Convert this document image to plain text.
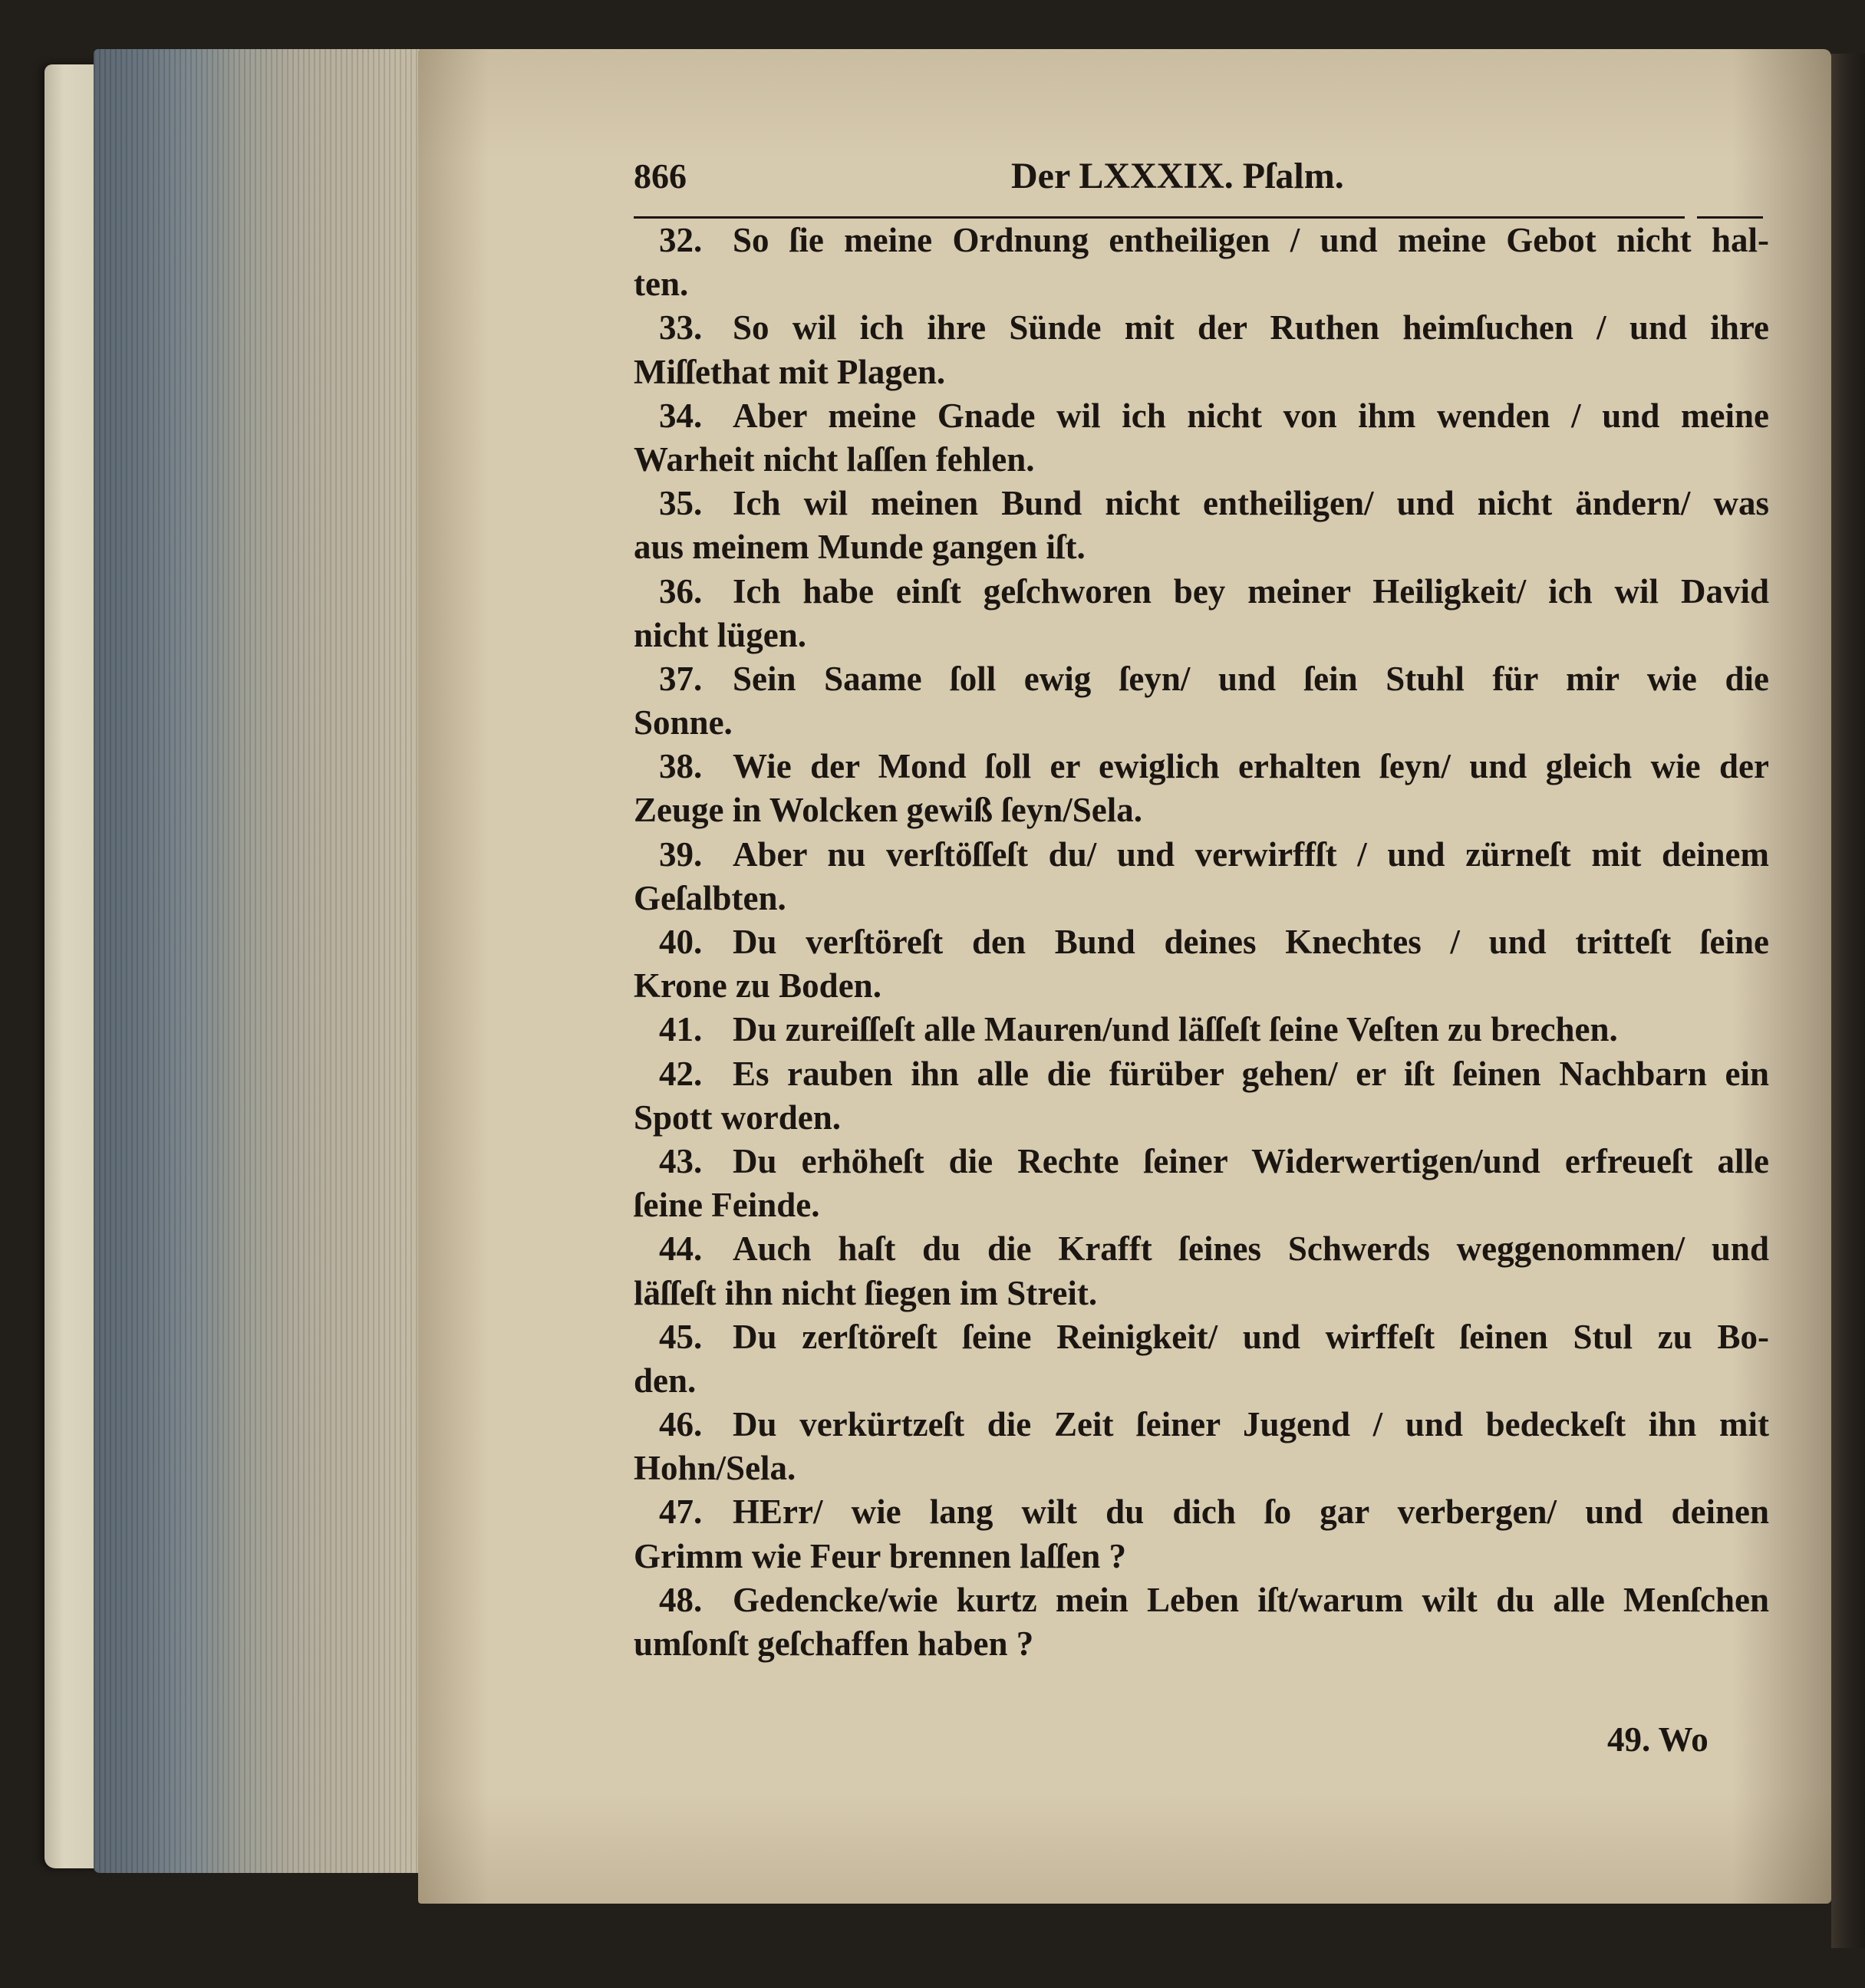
866	Der LXXXIX. Pſalm.
32. So ſie meine Ordnung entheiligen / und meine Gebot nicht hal-
ten.
33. So wil ich ihre Sünde mit der Ruthen heimſuchen / und ihre
Miſſethat mit Plagen.
34. Aber meine Gnade wil ich nicht von ihm wenden / und meine
Warheit nicht laſſen fehlen.
35. Ich wil meinen Bund nicht entheiligen/ und nicht ändern/ was
aus meinem Munde gangen iſt.
36. Ich habe einſt geſchworen bey meiner Heiligkeit/ ich wil David
nicht lügen.
37. Sein Saame ſoll ewig ſeyn/ und ſein Stuhl für mir wie die
Sonne.
38. Wie der Mond ſoll er ewiglich erhalten ſeyn/ und gleich wie der
Zeuge in Wolcken gewiß ſeyn/Sela.
39. Aber nu verſtöſſeſt du/ und verwirffſt / und zürneſt mit deinem
Geſalbten.
40. Du verſtöreſt den Bund deines Knechtes / und tritteſt ſeine
Krone zu Boden.
41. Du zureiſſeſt alle Mauren/und läſſeſt ſeine Veſten zu brechen.
42. Es rauben ihn alle die fürüber gehen/ er iſt ſeinen Nachbarn ein
Spott worden.
43. Du erhöheſt die Rechte ſeiner Widerwertigen/und erfreueſt alle
ſeine Feinde.
44. Auch haſt du die Krafft ſeines Schwerds weggenommen/ und
läſſeſt ihn nicht ſiegen im Streit.
45. Du zerſtöreſt ſeine Reinigkeit/ und wirffeſt ſeinen Stul zu Bo-
den.
46. Du verkürtzeſt die Zeit ſeiner Jugend / und bedeckeſt ihn mit
Hohn/Sela.
47. HErr/ wie lang wilt du dich ſo gar verbergen/ und deinen
Grimm wie Feur brennen laſſen ?
48. Gedencke/wie kurtz mein Leben iſt/warum wilt du alle Menſchen
umſonſt geſchaffen haben ?
49. Wo
